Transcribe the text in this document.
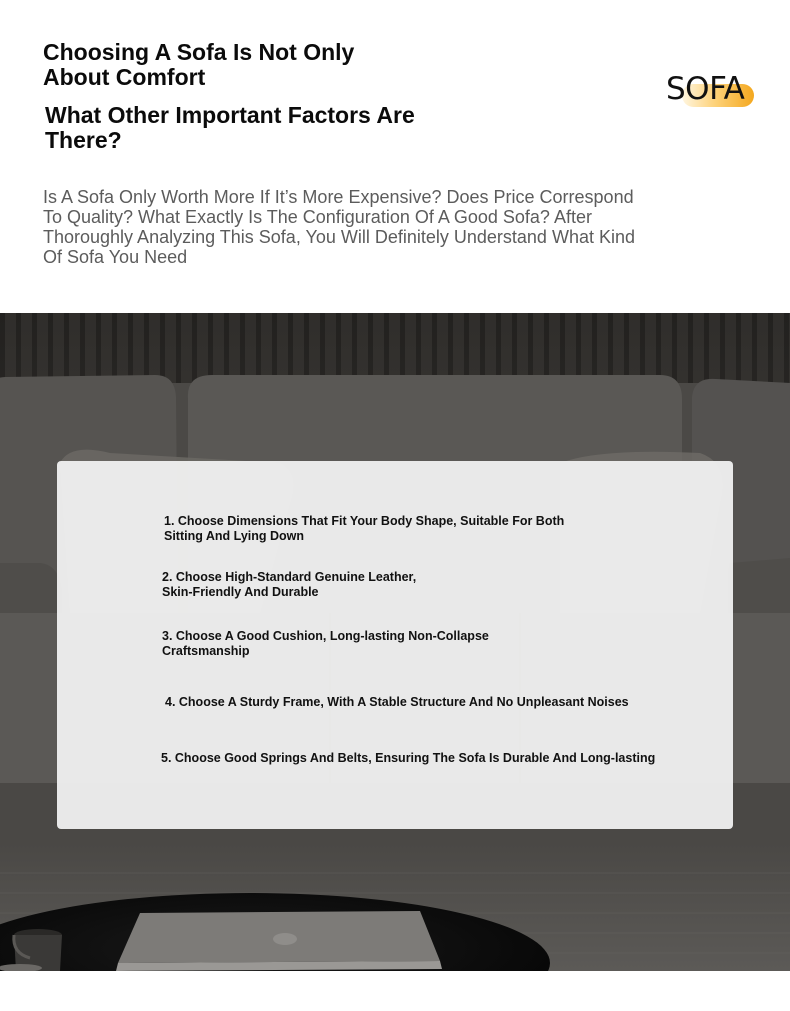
Choosing A Sofa Is Not Only About Comfort
What Other Important Factors Are There?
SOFA

Is A Sofa Only Worth More If It’s More Expensive? Does Price Correspond To Quality? What Exactly Is The Configuration Of A Good Sofa? After Thoroughly Analyzing This Sofa, You Will Definitely Understand What Kind Of Sofa You Need

1. Choose Dimensions That Fit Your Body Shape, Suitable For Both Sitting And Lying Down

2. Choose High-Standard Genuine Leather, Skin-Friendly And Durable

3. Choose A Good Cushion, Long-lasting Non-Collapse Craftsmanship

4. Choose A Sturdy Frame, With A Stable Structure And No Unpleasant Noises

5. Choose Good Springs And Belts, Ensuring The Sofa Is Durable And Long-lasting
